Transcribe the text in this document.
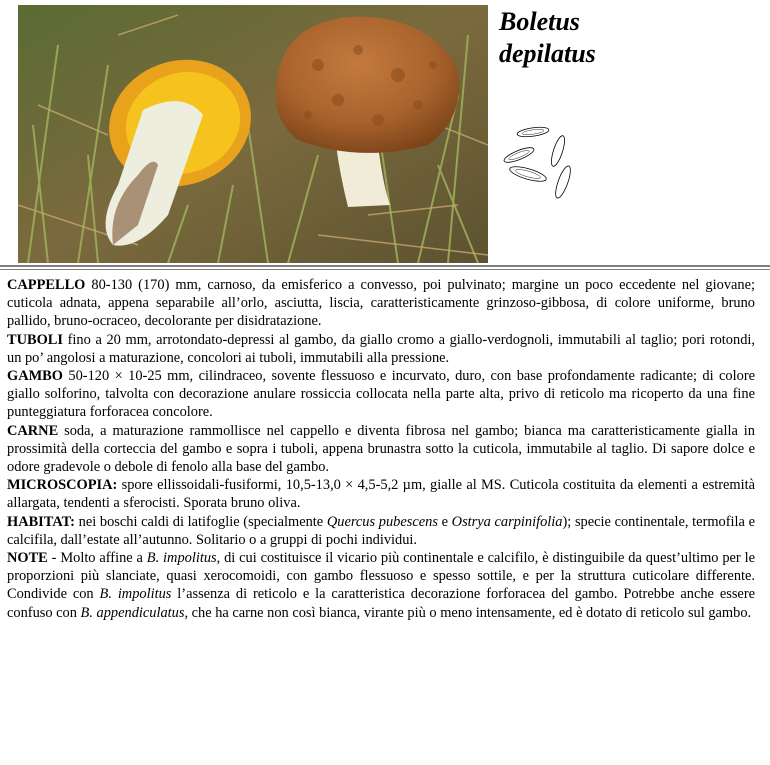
Boletus
depilatus

CAPPELLO 80-130 (170) mm, carnoso, da emisferico a convesso, poi pulvinato; margine un poco eccedente nel giovane; cuticola adnata, appena separabile all’orlo, asciutta, liscia, caratteristicamente grinzoso-gibbosa, di colore uniforme, bruno pallido, bruno-ocraceo, decolorante per disidratazione.

TUBOLI fino a 20 mm, arrotondato-depressi al gambo, da giallo cromo a giallo-verdognoli, immutabili al taglio; pori rotondi, un po’ angolosi a maturazione, concolori ai tuboli, immutabili alla pressione.

GAMBO 50-120 × 10-25 mm, cilindraceo, sovente flessuoso e incurvato, duro, con base profondamente radicante; di colore giallo solforino, talvolta con decorazione anulare rossiccia collocata nella parte alta, privo di reticolo ma ricoperto da una fine punteggiatura forforacea concolore.

CARNE soda, a maturazione rammollisce nel cappello e diventa fibrosa nel gambo; bianca ma caratteristicamente gialla in prossimità della corteccia del gambo e sopra i tuboli, appena brunastra sotto la cuticola, immutabile al taglio. Di sapore dolce e odore gradevole o debole di fenolo alla base del gambo.

MICROSCOPIA: spore ellissoidali-fusiformi, 10,5-13,0 × 4,5-5,2 µm, gialle al MS. Cuticola costituita da elementi a estremità allargata, tendenti a sferocisti. Sporata bruno oliva.

HABITAT: nei boschi caldi di latifoglie (specialmente Quercus pubescens e Ostrya carpinifolia); specie continentale, termofila e calcifila, dall’estate all’autunno. Solitario o a gruppi di pochi individui.

NOTE - Molto affine a B. impolitus, di cui costituisce il vicario più continentale e calcifilo, è distinguibile da quest’ultimo per le proporzioni più slanciate, quasi xerocomoidi, con gambo flessuoso e spesso sottile, e per la struttura cuticolare differente. Condivide con B. impolitus l’assenza di reticolo e la caratteristica decorazione forforacea del gambo. Potrebbe anche essere confuso con B. appendiculatus, che ha carne non così bianca, virante più o meno intensamente, ed è dotato di reticolo sul gambo.
